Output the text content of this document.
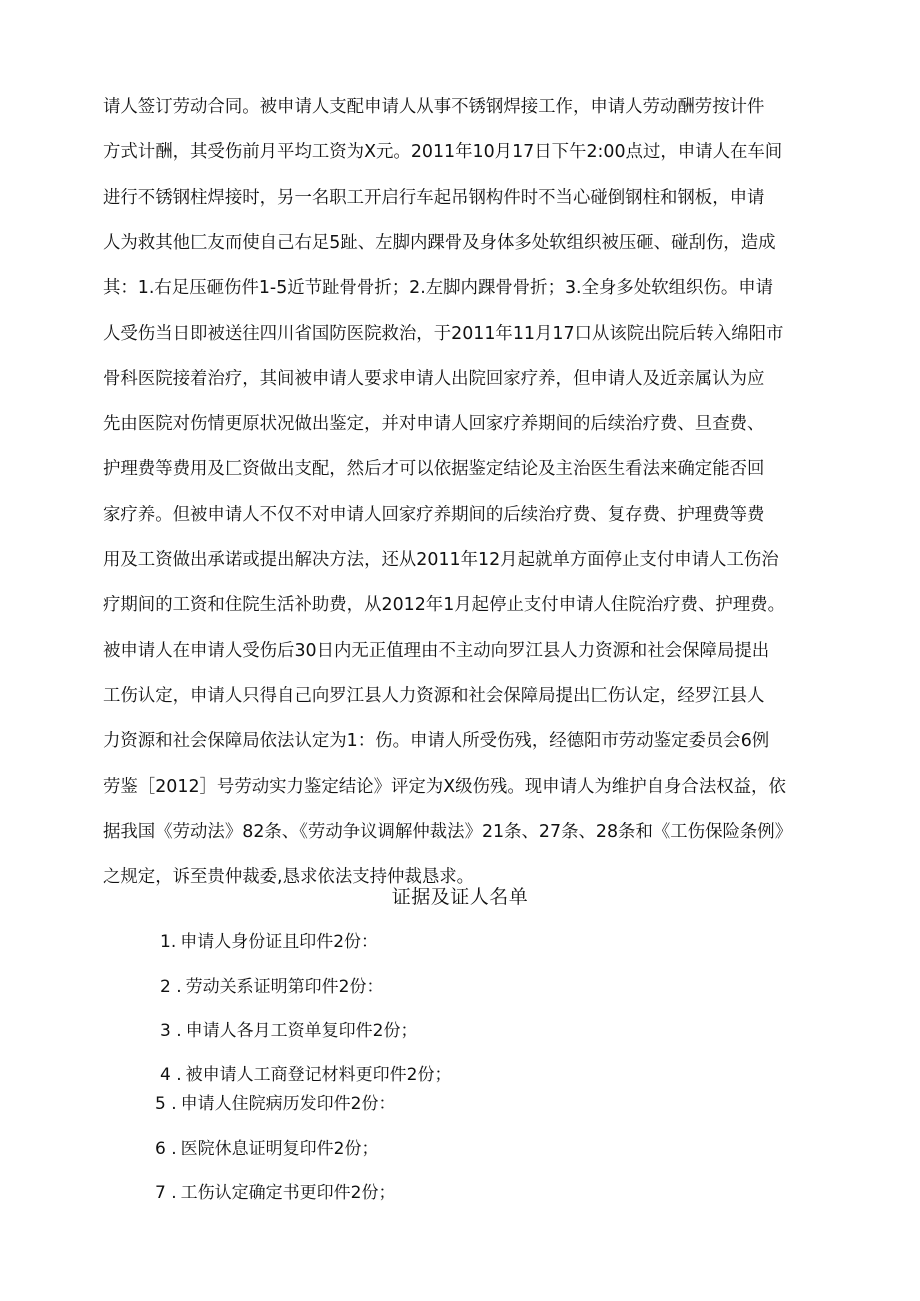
请人签订劳动合同。被申请人支配申请人从事不锈钢焊接工作，申请人劳动酬劳按计件
方式计酬，其受伤前月平均工资为X元。2011年10月17日下午2:00点过，申请人在车间
进行不锈钢柱焊接时，另一名职工开启行车起吊钢构件时不当心碰倒钢柱和钢板，申请
人为救其他匚友而使自己右足5趾、左脚内踝骨及身体多处软组织被压砸、碰刮伤，造成
其：1.右足压砸伤件1-5近节趾骨骨折；2.左脚内踝骨骨折；3.全身多处软组织伤。申请
人受伤当日即被送往四川省国防医院救治，于2011年11月17口从该院出院后转入绵阳市
骨科医院接着治疗，其间被申请人要求申请人出院回家疗养，但申请人及近亲属认为应
先由医院对伤情更原状况做出鉴定，并对申请人回家疗养期间的后续治疗费、旦查费、
护理费等费用及匚资做出支配，然后才可以依据鉴定结论及主治医生看法来确定能否回
家疗养。但被申请人不仅不对申请人回家疗养期间的后续治疗费、复存费、护理费等费
用及工资做出承诺或提出解决方法，还从2011年12月起就单方面停止支付申请人工伤治
疗期间的工资和住院生活补助费，从2012年1月起停止支付申请人住院治疗费、护理费。
被申请人在申请人受伤后30日内无正值理由不主动向罗江县人力资源和社会保障局提出
工伤认定，申请人只得自己向罗江县人力资源和社会保障局提出匚伤认定，经罗江县人
力资源和社会保障局依法认定为1：伤。申请人所受伤残，经德阳市劳动鉴定委员会6例
劳鉴［2012］号劳动实力鉴定结论》评定为X级伤残。现申请人为维护自身合法权益，依
据我国《劳动法》82条、《劳动争议调解仲裁法》21条、27条、28条和《工伤保险条例》
之规定，诉至贵仲裁委,恳求依法支持仲裁恳求。
证据及证人名单
1. 申请人身份证且印件2份：
2 . 劳动关系证明第印件2份：
3 . 申请人各月工资单复印件2份；
4 . 被申请人工商登记材料更印件2份；
5 . 申请人住院病历发印件2份：
6 . 医院休息证明复印件2份；
7 . 工伤认定确定书更印件2份；
